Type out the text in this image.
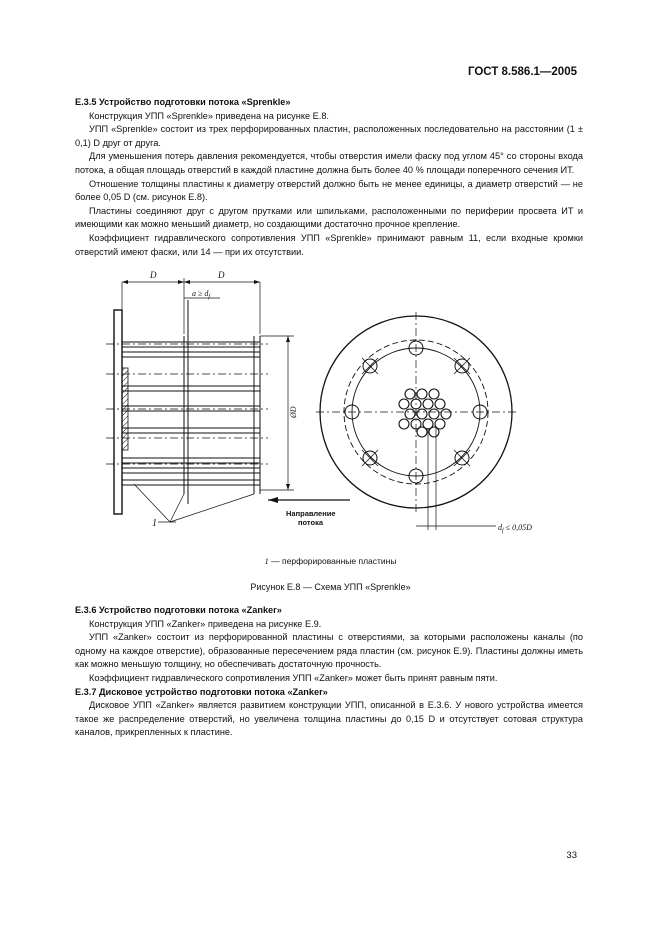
ГОСТ 8.586.1—2005
Е.3.5 Устройство подготовки потока «Sprenkle»

Конструкция УПП «Sprenkle» приведена на рисунке Е.8.

УПП «Sprenkle» состоит из трех перфорированных пластин, расположенных последовательно на расстоянии (1 ± 0,1) D друг от друга.

Для уменьшения потерь давления рекомендуется, чтобы отверстия имели фаску под углом 45° со стороны входа потока, а общая площадь отверстий в каждой пластине должна быть более 40 % площади поперечного сечения ИТ.

Отношение толщины пластины к диаметру отверстий должно быть не менее единицы, а диаметр отверстий — не более 0,05 D (см. рисунок Е.8).

Пластины соединяют друг с другом прутками или шпильками, расположенными по периферии просвета ИТ и имеющими как можно меньший диаметр, но создающими достаточно прочное крепление.

Коэффициент гидравлического сопротивления УПП «Sprenkle» принимают равным 11, если входные кромки отверстий имеют фаски, или 14 — при их отсутствии.

D	D
$a \ge d_f$
ØD
1	$d_f \le 0,05D$
Направление
потока
1 — перфорированные пластины
Рисунок Е.8 — Схема УПП «Sprenkle»
Е.3.6 Устройство подготовки потока «Zanker»

Конструкция УПП «Zanker» приведена на рисунке Е.9.

УПП «Zanker» состоит из перфорированной пластины с отверстиями, за которыми расположены каналы (по одному на каждое отверстие), образованные пересечением ряда пластин (см. рисунок Е.9). Пластины должны иметь как можно меньшую толщину, но обеспечивать достаточную прочность.

Коэффициент гидравлического сопротивления УПП «Zanker» может быть принят равным пяти.

Е.3.7 Дисковое устройство подготовки потока «Zanker»

Дисковое УПП «Zanker» является развитием конструкции УПП, описанной в Е.3.6. У нового устройства имеется такое же распределение отверстий, но увеличена толщина пластины до 0,15 D и отсутствует сотовая структура каналов, прикрепленных к пластине.

33
